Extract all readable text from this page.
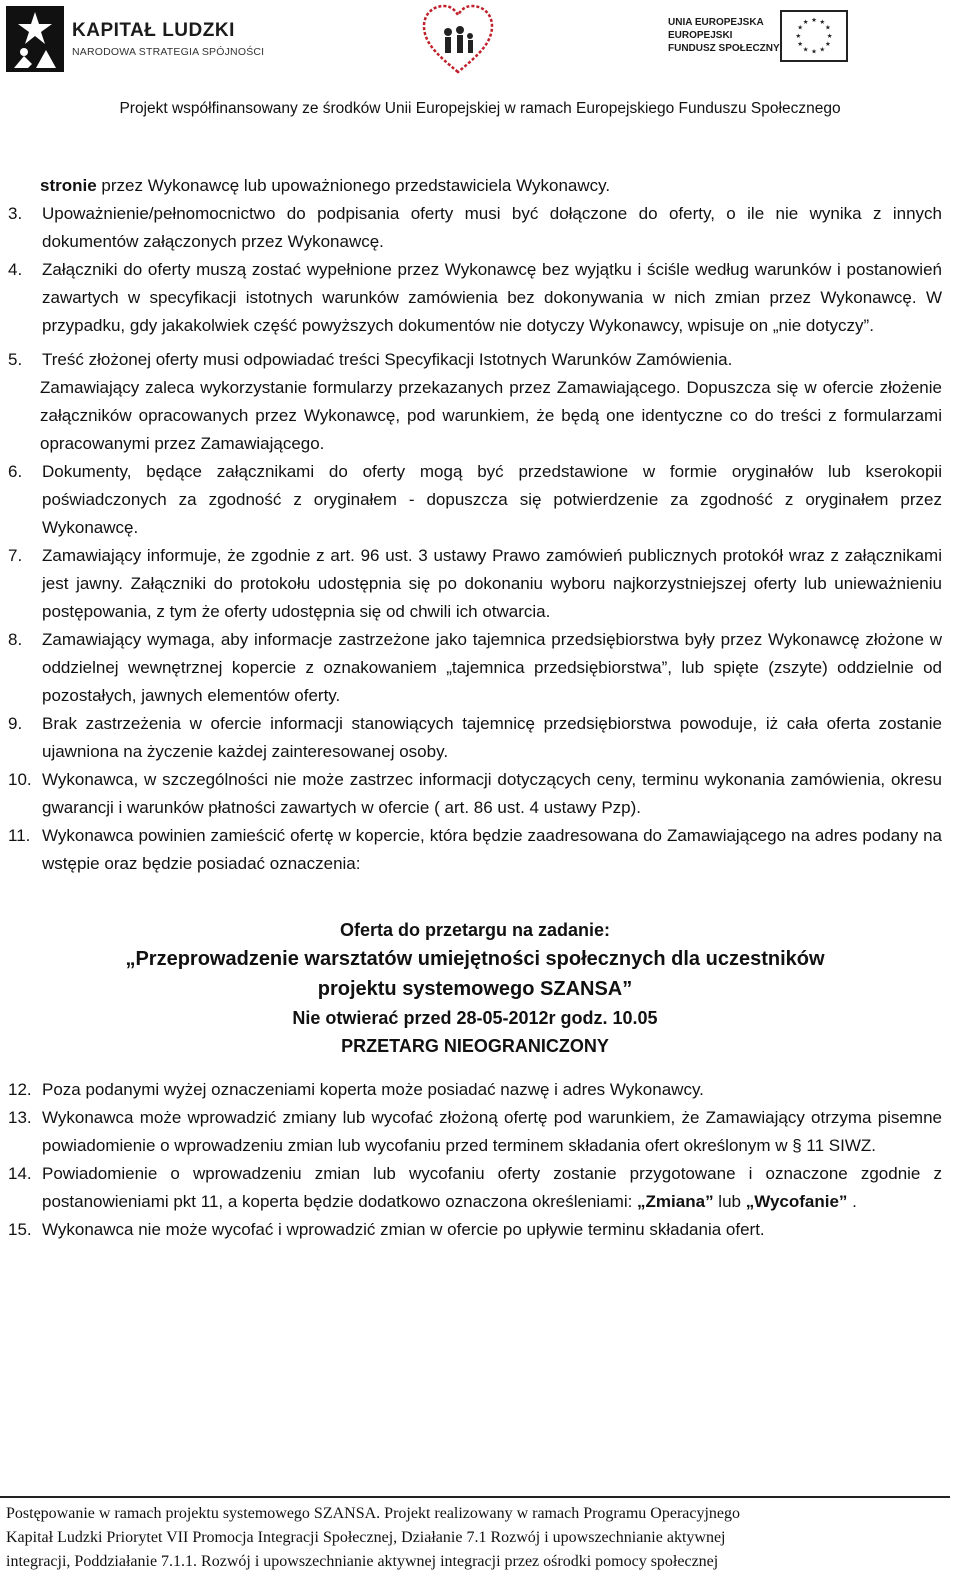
KAPITAŁ LUDZKI
NARODOWA STRATEGIA SPÓJNOŚCI
UNIA EUROPEJSKA
EUROPEJSKI
FUNDUSZ SPOŁECZNY
★ ★
★
★
★
★
★
★
★
★
★
★
Projekt współfinansowany ze środków Unii Europejskiej w ramach Europejskiego Funduszu Społecznego
stronie przez Wykonawcę lub upoważnionego przedstawiciela Wykonawcy.
3. Upoważnienie/pełnomocnictwo do podpisania oferty musi być dołączone do oferty, o ile nie wynika z innych dokumentów załączonych przez Wykonawcę.
4. Załączniki do oferty muszą zostać wypełnione przez Wykonawcę bez wyjątku i ściśle według warunków i postanowień zawartych w specyfikacji istotnych warunków zamówienia bez dokonywania w nich zmian przez Wykonawcę. W przypadku, gdy jakakolwiek część powyższych dokumentów nie dotyczy Wykonawcy, wpisuje on „nie dotyczy”.
5. Treść złożonej oferty musi odpowiadać treści Specyfikacji Istotnych Warunków Zamówienia.
Zamawiający zaleca wykorzystanie formularzy przekazanych przez Zamawiającego. Dopuszcza się w ofercie złożenie załączników opracowanych przez Wykonawcę, pod warunkiem, że będą one identyczne co do treści z formularzami opracowanymi przez Zamawiającego.
6. Dokumenty, będące załącznikami do oferty mogą być przedstawione w formie oryginałów lub kserokopii poświadczonych za zgodność z oryginałem - dopuszcza się potwierdzenie za zgodność z oryginałem przez Wykonawcę.
7. Zamawiający informuje, że zgodnie z art. 96 ust. 3 ustawy Prawo zamówień publicznych protokół wraz z załącznikami jest jawny. Załączniki do protokołu udostępnia się po dokonaniu wyboru najkorzystniejszej oferty lub unieważnieniu postępowania, z tym że oferty udostępnia się od chwili ich otwarcia.
8. Zamawiający wymaga, aby informacje zastrzeżone jako tajemnica przedsiębiorstwa były przez Wykonawcę złożone w oddzielnej wewnętrznej kopercie z oznakowaniem „tajemnica przedsiębiorstwa”, lub spięte (zszyte) oddzielnie od pozostałych, jawnych elementów oferty.
9. Brak zastrzeżenia w ofercie informacji stanowiących tajemnicę przedsiębiorstwa powoduje, iż cała oferta zostanie ujawniona na życzenie każdej zainteresowanej osoby.
10. Wykonawca, w szczególności nie może zastrzec informacji dotyczących ceny, terminu wykonania zamówienia, okresu gwarancji i warunków płatności zawartych w ofercie ( art. 86 ust. 4 ustawy Pzp).
11. Wykonawca powinien zamieścić ofertę w kopercie, która będzie zaadresowana do Zamawiającego na adres podany na wstępie oraz będzie posiadać oznaczenia:
Oferta do przetargu na zadanie:
„Przeprowadzenie warsztatów umiejętności społecznych dla uczestników
projektu systemowego SZANSA”
Nie otwierać przed 28-05-2012r godz. 10.05
PRZETARG NIEOGRANICZONY
12. Poza podanymi wyżej oznaczeniami koperta może posiadać nazwę i adres Wykonawcy.
13. Wykonawca może wprowadzić zmiany lub wycofać złożoną ofertę pod warunkiem, że Zamawiający otrzyma pisemne powiadomienie o wprowadzeniu zmian lub wycofaniu przed terminem składania ofert określonym w § 11 SIWZ.
14. Powiadomienie o wprowadzeniu zmian lub wycofaniu oferty zostanie przygotowane i oznaczone zgodnie z postanowieniami pkt 11, a koperta będzie dodatkowo oznaczona określeniami: „Zmiana” lub „Wycofanie” .
15. Wykonawca nie może wycofać i wprowadzić zmian w ofercie po upływie terminu składania ofert.
Postępowanie w ramach projektu systemowego SZANSA. Projekt realizowany w ramach Programu Operacyjnego
Kapitał Ludzki Priorytet VII Promocja Integracji Społecznej, Działanie 7.1 Rozwój i upowszechnianie aktywnej
integracji, Poddziałanie 7.1.1. Rozwój i upowszechnianie aktywnej integracji przez ośrodki pomocy społecznej
